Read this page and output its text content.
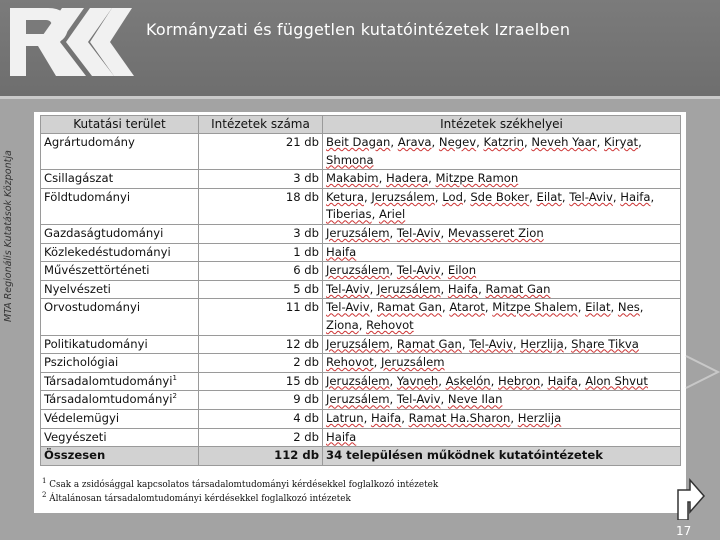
Kormányzati és független kutatóintézetek Izraelben
MTA Regionális Kutatások Központja
Kutatási terület	Intézetek száma	Intézetek székhelyei
Agrártudomány	21 db	Beit Dagan, Arava, Negev, Katzrin, Neveh Yaar, Kiryat, Shmona
Csillagászat	3 db	Makabim, Hadera, Mitzpe Ramon
Földtudományi	18 db	Ketura, Jeruzsálem, Lod, Sde Boker, Eilat, Tel-Aviv, Haifa, Tiberias, Ariel
Gazdaságtudományi	3 db	Jeruzsálem, Tel-Aviv, Mevasseret Zion
Közlekedéstudományi	1 db	Haifa
Művészettörténeti	6 db	Jeruzsálem, Tel-Aviv, Eilon
Nyelvészeti	5 db	Tel-Aviv, Jeruzsálem, Haifa, Ramat Gan
Orvostudományi	11 db	Tel-Aviv, Ramat Gan, Atarot, Mitzpe Shalem, Eilat, Nes, Ziona, Rehovot
Politikatudományi	12 db	Jeruzsálem, Ramat Gan, Tel-Aviv, Herzlija, Share Tikva
Pszichológiai	2 db	Rehovot, Jeruzsálem
Társadalomtudományi$^1$	15 db	Jeruzsálem, Yavneh, Askelón, Hebron, Haifa, Alon Shvut
Társadalomtudományi$^2$	9 db	Jeruzsálem, Tel-Aviv, Neve Ilan
Védelemügyi	4 db	Latrun, Haifa, Ramat Ha.Sharon, Herzlija
Vegyészeti	2 db	Haifa
Összesen	112 db	34 településen működnek kutatóintézetek
$^1$ Csak a zsidósággal kapcsolatos társadalomtudományi kérdésekkel foglalkozó intézetek
$^2$ Általánosan társadalomtudományi kérdésekkel foglalkozó intézetek
17
